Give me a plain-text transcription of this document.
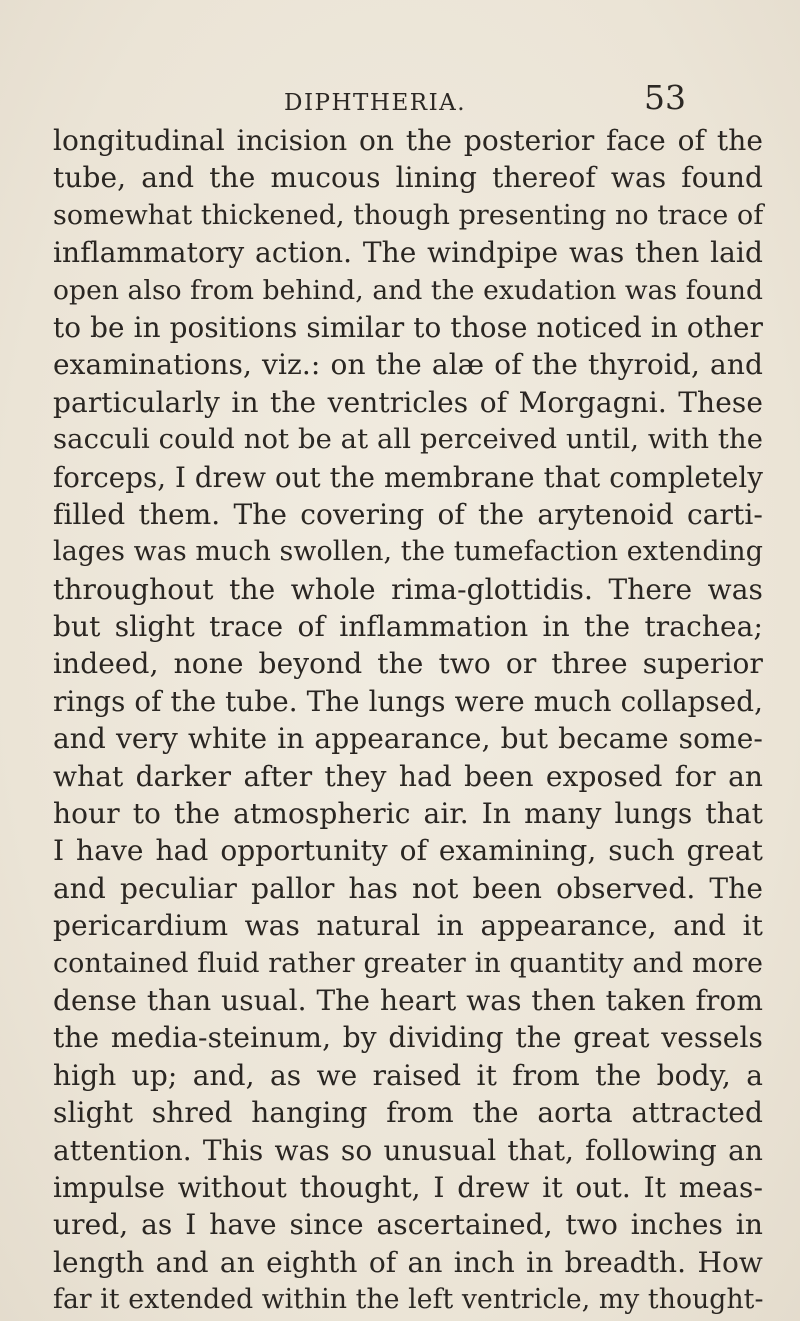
DIPHTHERIA.	53
longitudinal incision on the posterior face of the
tube, and the mucous lining thereof was found
somewhat thickened, though presenting no trace of
inflammatory action. The windpipe was then laid
open also from behind, and the exudation was found
to be in positions similar to those noticed in other
examinations, viz.: on the alæ of the thyroid, and
particularly in the ventricles of Morgagni. These
sacculi could not be at all perceived until, with the
forceps, I drew out the membrane that completely
filled them. The covering of the arytenoid carti-
lages was much swollen, the tumefaction extending
throughout the whole rima-glottidis. There was
but slight trace of inflammation in the trachea;
indeed, none beyond the two or three superior
rings of the tube. The lungs were much collapsed,
and very white in appearance, but became some-
what darker after they had been exposed for an
hour to the atmospheric air. In many lungs that
I have had opportunity of examining, such great
and peculiar pallor has not been observed. The
pericardium was natural in appearance, and it
contained fluid rather greater in quantity and more
dense than usual. The heart was then taken from
the media-steinum, by dividing the great vessels
high up; and, as we raised it from the body, a
slight shred hanging from the aorta attracted
attention. This was so unusual that, following an
impulse without thought, I drew it out. It meas-
ured, as I have since ascertained, two inches in
length and an eighth of an inch in breadth. How
far it extended within the left ventricle, my thought-
